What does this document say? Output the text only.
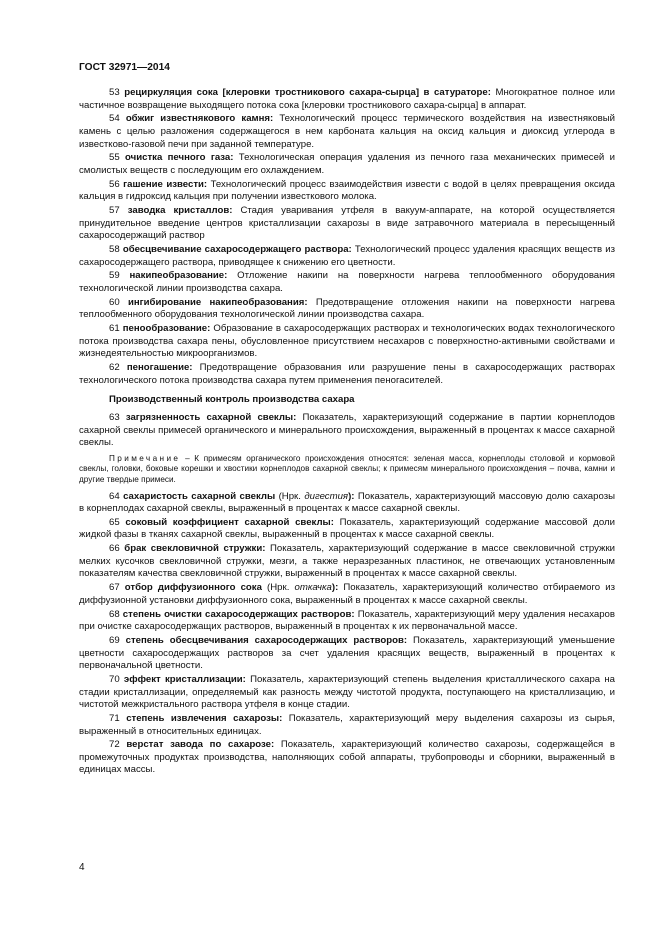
ГОСТ 32971—2014

53 рециркуляция сока [клеровки тростникового сахара-сырца] в сатураторе: Многократное полное или частичное возвращение выходящего потока сока [клеровки тростникового сахара-сырца] в аппарат.

54 обжиг известнякового камня: Технологический процесс термического воздействия на известняковый камень с целью разложения содержащегося в нем карбоната кальция на оксид кальция и диоксид углерода в известково-газовой печи при заданной температуре.

55 очистка печного газа: Технологическая операция удаления из печного газа механических примесей и смолистых веществ с последующим его охлаждением.

56 гашение извести: Технологический процесс взаимодействия извести с водой в целях превращения оксида кальция в гидроксид кальция при получении известкового молока.

57 заводка кристаллов: Стадия уваривания утфеля в вакуум-аппарате, на которой осуществляется принудительное введение центров кристаллизации сахарозы в виде затравочного материала в пересыщенный сахаросодержащий раствор

58 обесцвечивание сахаросодержащего раствора: Технологический процесс удаления красящих веществ из сахаросодержащего раствора, приводящее к снижению его цветности.

59 накипеобразование: Отложение накипи на поверхности нагрева теплообменного оборудования технологической линии производства сахара.

60 ингибирование накипеобразования: Предотвращение отложения накипи на поверхности нагрева теплообменного оборудования технологической линии производства сахара.

61 пенообразование: Образование в сахаросодержащих растворах и технологических водах технологического потока производства сахара пены, обусловленное присутствием несахаров с поверхностно-активными свойствами и жизнедеятельностью микроорганизмов.

62 пеногашение: Предотвращение образования или разрушение пены в сахаросодержащих растворах технологического потока производства сахара путем применения пеногасителей.

Производственный контроль производства сахара

63 загрязненность сахарной свеклы: Показатель, характеризующий содержание в партии корнеплодов сахарной свеклы примесей органического и минерального происхождения, выраженный в процентах к массе сахарной свеклы.

Примечание – К примесям органического происхождения относятся: зеленая масса, корнеплоды столовой и кормовой свеклы, головки, боковые корешки и хвостики корнеплодов сахарной свеклы; к примесям минерального происхождения – почва, камни и другие твердые примеси.

64 сахаристость сахарной свеклы (Нрк. дигестия): Показатель, характеризующий массовую долю сахарозы в корнеплодах сахарной свеклы, выраженный в процентах к массе сахарной свеклы.

65 соковый коэффициент сахарной свеклы: Показатель, характеризующий содержание массовой доли жидкой фазы в тканях сахарной свеклы, выраженный в процентах к массе сахарной свеклы.

66 брак свекловичной стружки: Показатель, характеризующий содержание в массе свекловичной стружки мелких кусочков свекловичной стружки, мезги, а также неразрезанных пластинок, не отвечающих установленным показателям качества свекловичной стружки, выраженный в процентах к массе сахарной свеклы.

67 отбор диффузионного сока (Нрк. откачка): Показатель, характеризующий количество отбираемого из диффузионной установки диффузионного сока, выраженный в процентах к массе сахарной свеклы.

68 степень очистки сахаросодержащих растворов: Показатель, характеризующий меру удаления несахаров при очистке сахаросодержащих растворов, выраженный в процентах к их первоначальной массе.

69 степень обесцвечивания сахаросодержащих растворов: Показатель, характеризующий уменьшение цветности сахаросодержащих растворов за счет удаления красящих веществ, выраженный в процентах к первоначальной цветности.

70 эффект кристаллизации: Показатель, характеризующий степень выделения кристаллического сахара на стадии кристаллизации, определяемый как разность между чистотой продукта, поступающего на кристаллизацию, и чистотой межкристального раствора утфеля в конце стадии.

71 степень извлечения сахарозы: Показатель, характеризующий меру выделения сахарозы из сырья, выраженный в относительных единицах.

72 верстат завода по сахарозе: Показатель, характеризующий количество сахарозы, содержащейся в промежуточных продуктах производства, наполняющих собой аппараты, трубопроводы и сборники, выраженный в единицах массы.

4
